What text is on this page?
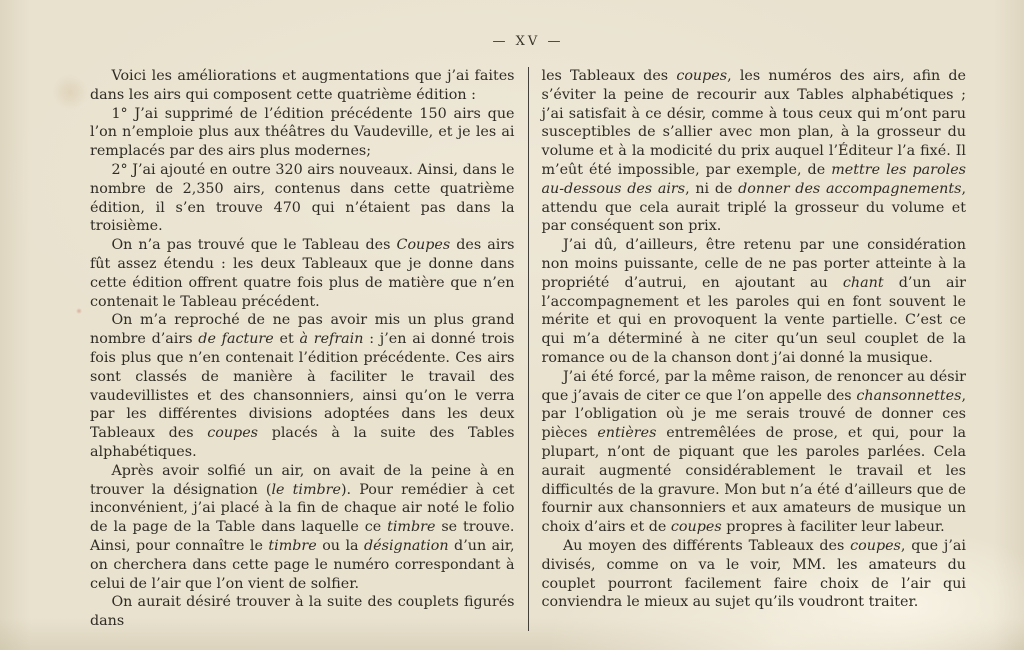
— XV —

Voici les améliorations et augmentations que j’ai faites dans les airs qui composent cette quatrième édition :

1° J’ai supprimé de l’édition précédente 150 airs que l’on n’emploie plus aux théâtres du Vaudeville, et je les ai remplacés par des airs plus modernes;

2° J’ai ajouté en outre 320 airs nouveaux. Ainsi, dans le nombre de 2,350 airs, contenus dans cette quatrième édition, il s’en trouve 470 qui n’étaient pas dans la troisième.

On n’a pas trouvé que le Tableau des Coupes des airs fût assez étendu : les deux Tableaux que je donne dans cette édition offrent quatre fois plus de matière que n’en contenait le Tableau précédent.

On m’a reproché de ne pas avoir mis un plus grand nombre d’airs de facture et à refrain : j’en ai donné trois fois plus que n’en contenait l’édition précédente. Ces airs sont classés de manière à faciliter le travail des vaudevillistes et des chansonniers, ainsi qu’on le verra par les différentes divisions adoptées dans les deux Tableaux des coupes placés à la suite des Tables alphabétiques.

Après avoir solfié un air, on avait de la peine à en trouver la désignation (le timbre). Pour remédier à cet inconvénient, j’ai placé à la fin de chaque air noté le folio de la page de la Table dans laquelle ce timbre se trouve. Ainsi, pour connaître le timbre ou la désignation d’un air, on cherchera dans cette page le numéro correspondant à celui de l’air que l’on vient de solfier.

On aurait désiré trouver à la suite des couplets figurés dans

les Tableaux des coupes, les numéros des airs, afin de s’éviter la peine de recourir aux Tables alphabétiques ; j’ai satisfait à ce désir, comme à tous ceux qui m’ont paru susceptibles de s’allier avec mon plan, à la grosseur du volume et à la modicité du prix auquel l’Éditeur l’a fixé. Il m’eût été impossible, par exemple, de mettre les paroles au-dessous des airs, ni de donner des accompagnements, attendu que cela aurait triplé la grosseur du volume et par conséquent son prix.

J’ai dû, d’ailleurs, être retenu par une considération non moins puissante, celle de ne pas porter atteinte à la propriété d’autrui, en ajoutant au chant d’un air l’accompagnement et les paroles qui en font souvent le mérite et qui en provoquent la vente partielle. C’est ce qui m’a déterminé à ne citer qu’un seul couplet de la romance ou de la chanson dont j’ai donné la musique.

J’ai été forcé, par la même raison, de renoncer au désir que j’avais de citer ce que l’on appelle des chansonnettes, par l’obligation où je me serais trouvé de donner ces pièces entières entremêlées de prose, et qui, pour la plupart, n’ont de piquant que les paroles parlées. Cela aurait augmenté considérablement le travail et les difficultés de la gravure. Mon but n’a été d’ailleurs que de fournir aux chansonniers et aux amateurs de musique un choix d’airs et de coupes propres à faciliter leur labeur.

Au moyen des différents Tableaux des coupes, que j’ai divisés, comme on va le voir, MM. les amateurs du couplet pourront facilement faire choix de l’air qui conviendra le mieux au sujet qu’ils voudront traiter.
